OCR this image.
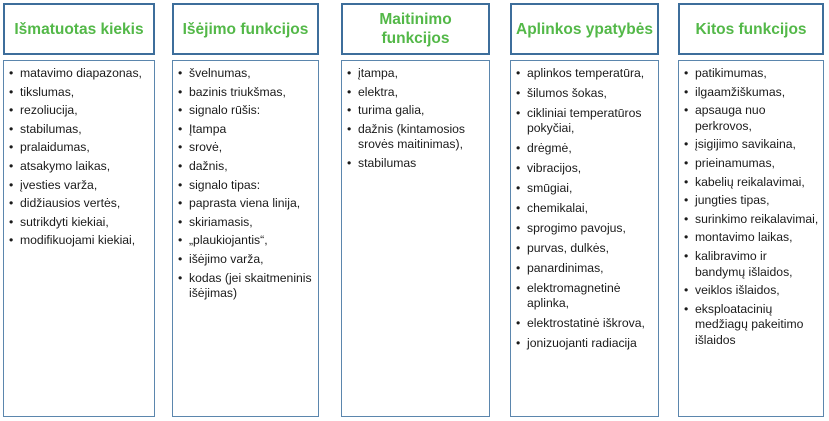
Išmatuotas kiekis
• matavimo diapazonas,
• tikslumas,
• rezoliucija,
• stabilumas,
• pralaidumas,
• atsakymo laikas,
• įvesties varža,
• didžiausios vertės,
• sutrikdyti kiekiai,
• modifikuojami kiekiai,
Išėjimo funkcijos
• švelnumas,
• bazinis triukšmas,
• signalo rūšis:
• Įtampa
• srovė,
• dažnis,
• signalo tipas:
• paprasta viena linija,
• skiriamasis,
• „plaukiojantis“,
• išėjimo varža,
• kodas (jei skaitmeninis išėjimas)
Maitinimo funkcijos
• įtampa,
• elektra,
• turima galia,
• dažnis (kintamosios srovės maitinimas),
• stabilumas
Aplinkos ypatybės
• aplinkos temperatūra,
• šilumos šokas,
• cikliniai temperatūros pokyčiai,
• drėgmė,
• vibracijos,
• smūgiai,
• chemikalai,
• sprogimo pavojus,
• purvas, dulkės,
• panardinimas,
• elektromagnetinė aplinka,
• elektrostatinė iškrova,
• jonizuojanti radiacija
Kitos funkcijos
• patikimumas,
• ilgaamžiškumas,
• apsauga nuo perkrovos,
• įsigijimo savikaina,
• prieinamumas,
• kabelių reikalavimai,
• jungties tipas,
• surinkimo reikalavimai,
• montavimo laikas,
• kalibravimo ir bandymų išlaidos,
• veiklos išlaidos,
• eksploatacinių medžiagų pakeitimo išlaidos
